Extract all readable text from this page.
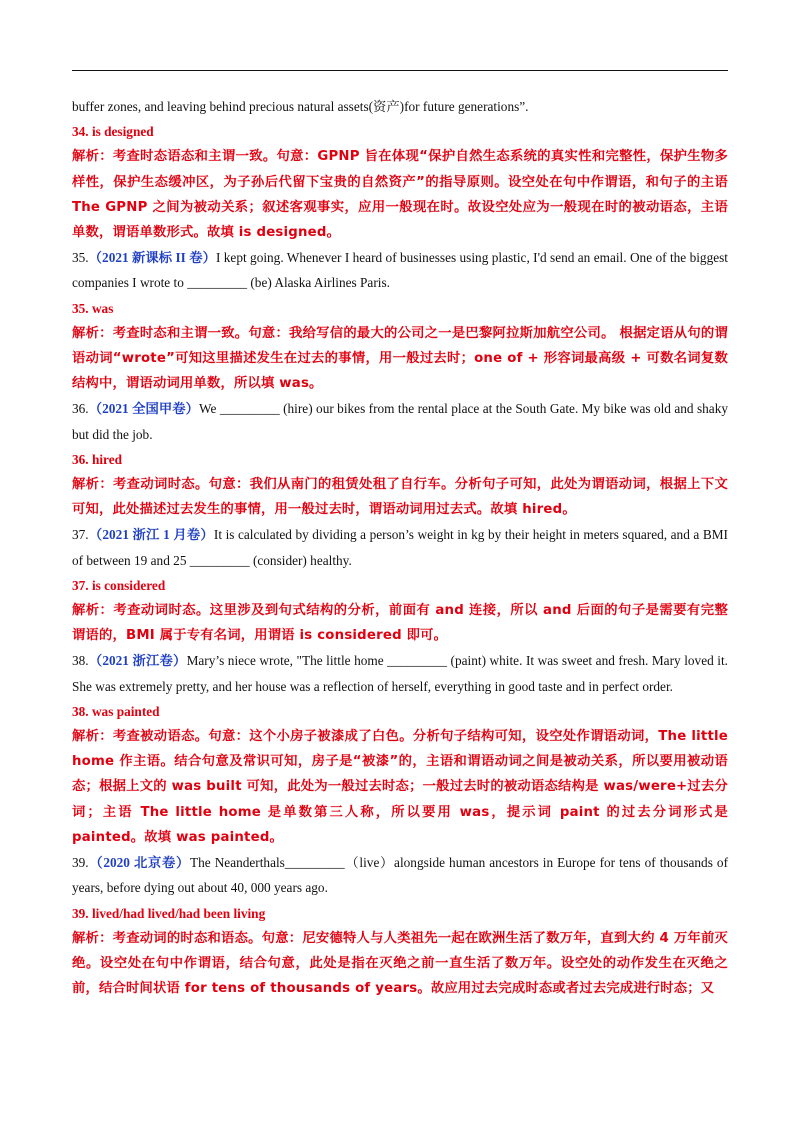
buffer zones, and leaving behind precious natural assets(资产)for future generations”.

34. is designed

解析：考查时态语态和主谓一致。句意：GPNP 旨在体现“保护自然生态系统的真实性和完整性，保护生物多样性，保护生态缓冲区，为子孙后代留下宝贵的自然资产”的指导原则。设空处在句中作谓语，和句子的主语 The GPNP 之间为被动关系；叙述客观事实，应用一般现在时。故设空处应为一般现在时的被动语态，主语单数，谓语单数形式。故填 is designed。

35.（2021 新课标 II 卷）I kept going. Whenever I heard of businesses using plastic, I'd send an email. One of the biggest companies I wrote to _________ (be) Alaska Airlines Paris.

35. was

解析：考查时态和主谓一致。句意：我给写信的最大的公司之一是巴黎阿拉斯加航空公司。 根据定语从句的谓语动词“wrote”可知这里描述发生在过去的事情，用一般过去时；one of + 形容词最高级 + 可数名词复数结构中，谓语动词用单数，所以填 was。

36.（2021 全国甲卷）We _________ (hire) our bikes from the rental place at the South Gate. My bike was old and shaky but did the job.

36. hired

解析：考查动词时态。句意：我们从南门的租赁处租了自行车。分析句子可知，此处为谓语动词，根据上下文可知，此处描述过去发生的事情，用一般过去时，谓语动词用过去式。故填 hired。

37.（2021 浙江 1 月卷）It is calculated by dividing a person’s weight in kg by their height in meters squared, and a BMI of between 19 and 25 _________ (consider) healthy.

37. is considered

解析：考查动词时态。这里涉及到句式结构的分析，前面有 and 连接，所以 and 后面的句子是需要有完整谓语的，BMI 属于专有名词，用谓语 is considered 即可。

38.（2021 浙江卷）Mary’s niece wrote, "The little home _________ (paint) white. It was sweet and fresh. Mary loved it. She was extremely pretty, and her house was a reflection of herself, everything in good taste and in perfect order.

38. was painted

解析：考查被动语态。句意：这个小房子被漆成了白色。分析句子结构可知，设空处作谓语动词，The little home 作主语。结合句意及常识可知，房子是“被漆”的，主语和谓语动词之间是被动关系，所以要用被动语态；根据上文的 was built 可知，此处为一般过去时态；一般过去时的被动语态结构是 was/were+过去分词；主语 The little home 是单数第三人称，所以要用 was，提示词 paint 的过去分词形式是 painted。故填 was painted。

39.（2020 北京卷）The Neanderthals_________（live）alongside human ancestors in Europe for tens of thousands of years, before dying out about 40, 000 years ago.

39. lived/had lived/had been living

解析：考查动词的时态和语态。句意：尼安德特人与人类祖先一起在欧洲生活了数万年，直到大约 4 万年前灭绝。设空处在句中作谓语，结合句意，此处是指在灭绝之前一直生活了数万年。设空处的动作发生在灭绝之前，结合时间状语 for tens of thousands of years。故应用过去完成时态或者过去完成进行时态；又
